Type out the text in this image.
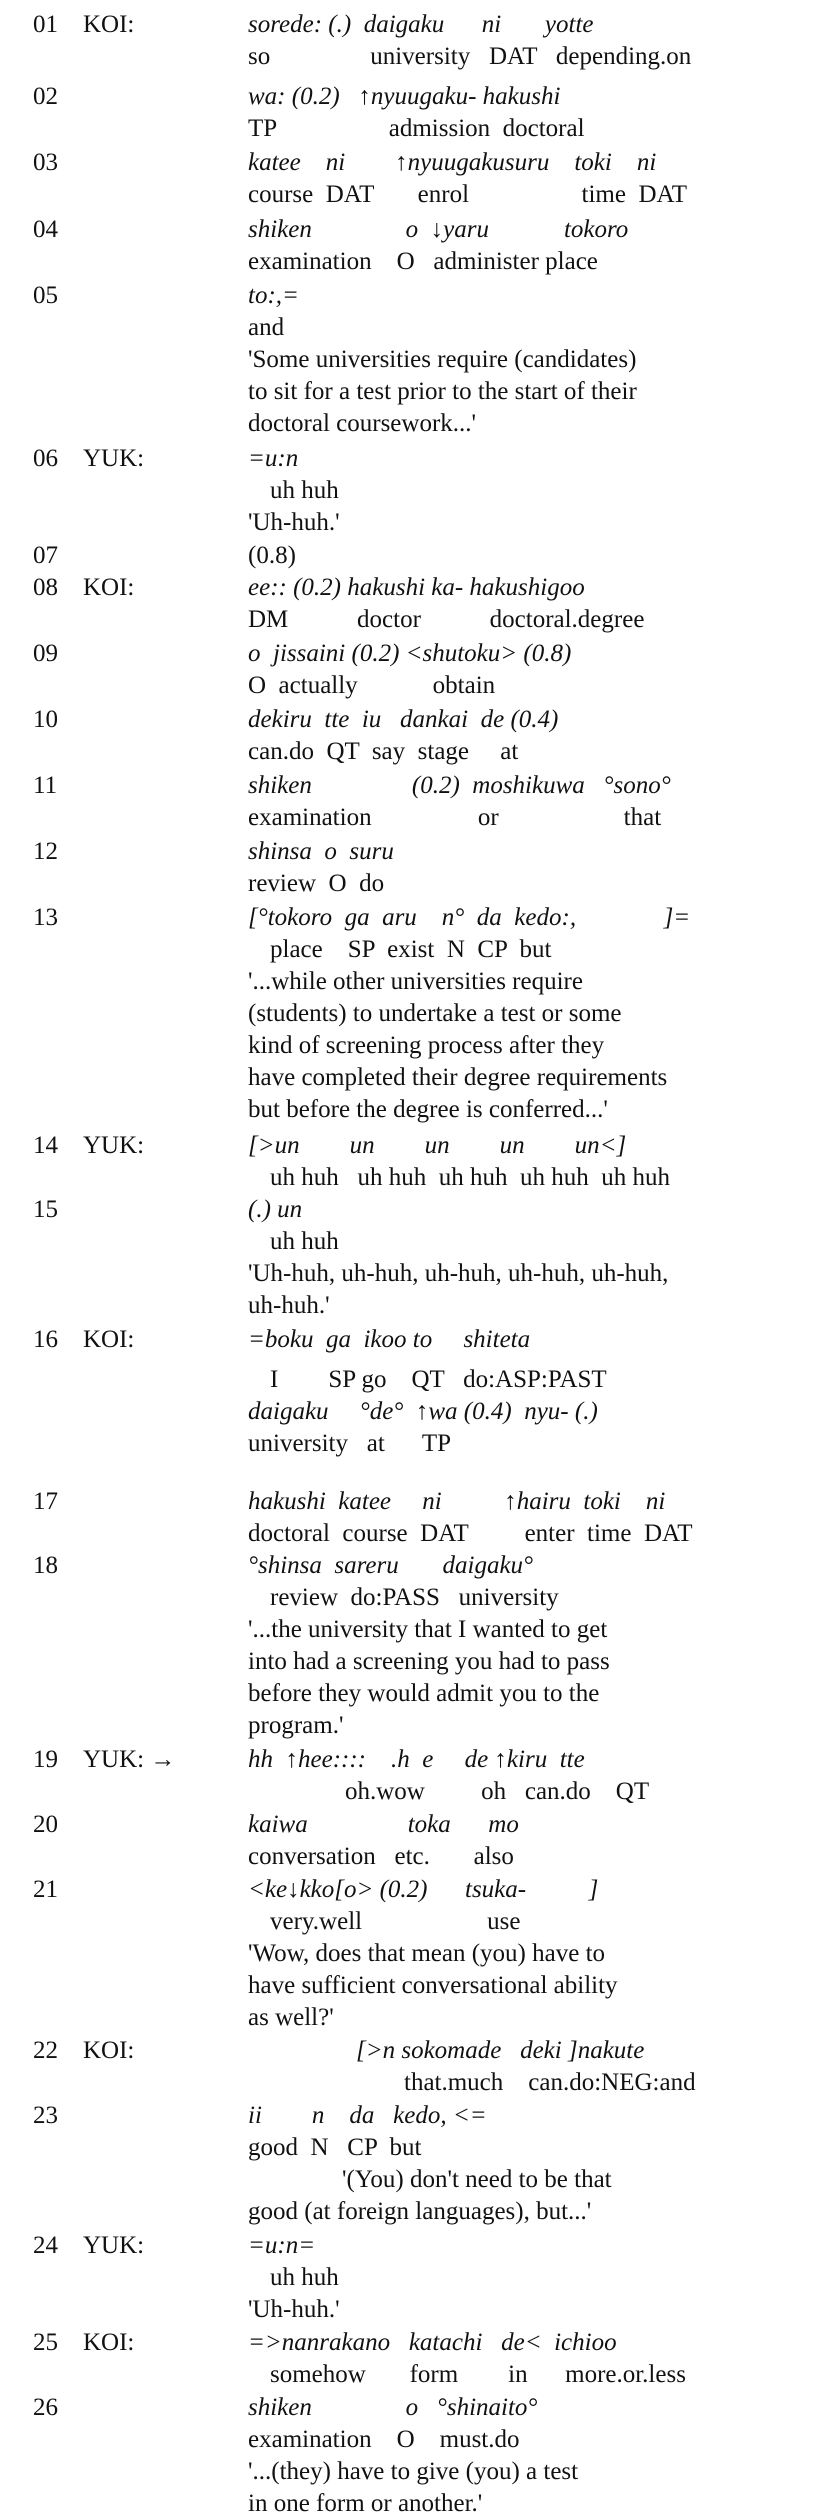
01 KOI:	sorede: (.)  daigaku      ni       yotte
so                university   DAT   depending.on
02	wa: (0.2)   ↑nyuugaku- hakushi
TP                  admission  doctoral
03	katee    ni        ↑nyuugakusuru    toki    ni
course  DAT       enrol                  time  DAT
04	shiken               o  ↓yaru            tokoro
examination    O   administer place
05	to:,=
and
'Some universities require (candidates)
to sit for a test prior to the start of their
doctoral coursework...'
06 YUK:	=u:n
uh huh
'Uh-huh.'
07	(0.8)
08 KOI:	ee:: (0.2) hakushi ka- hakushigoo
DM           doctor           doctoral.degree
09	o  jissaini (0.2) <shutoku> (0.8)
O  actually            obtain
10	dekiru  tte  iu   dankai  de (0.4)
can.do  QT  say  stage     at
11	shiken                (0.2)  moshikuwa   °sono°
examination                 or                    that
12	shinsa  o  suru
review  O  do
13	[°tokoro  ga  aru    n°  da  kedo:,              ]=
place    SP  exist  N  CP  but
'...while other universities require
(students) to undertake a test or some
kind of screening process after they
have completed their degree requirements
but before the degree is conferred...'
14 YUK:	[>un        un        un        un        un<]
uh huh   uh huh  uh huh  uh huh  uh huh
15	(.) un
uh huh
'Uh-huh, uh-huh, uh-huh, uh-huh, uh-huh,
uh-huh.'
16 KOI:	=boku  ga  ikoo to     shiteta
I        SP go    QT   do:ASP:PAST
daigaku     °de°  ↑wa (0.4)  nyu- (.)
university   at      TP
17	hakushi  katee     ni          ↑hairu  toki    ni
doctoral  course  DAT         enter  time  DAT
18	°shinsa  sareru       daigaku°
review  do:PASS   university
'...the university that I wanted to get
into had a screening you had to pass
before they would admit you to the
program.'
19 YUK: →	hh  ↑hee::::    .h  e     de ↑kiru  tte
oh.wow         oh   can.do    QT
20	kaiwa                toka      mo
conversation   etc.       also
21	<ke↓kko[o> (0.2)      tsuka-          ]
very.well                    use
'Wow, does that mean (you) have to
have sufficient conversational ability
as well?'
22 KOI:	[>n sokomade   deki ]nakute
that.much    can.do:NEG:and
23	ii        n    da   kedo, <=
good  N   CP  but
'(You) don't need to be that
good (at foreign languages), but...'
24 YUK:	=u:n=
uh huh
'Uh-huh.'
25 KOI:	=>nanrakano   katachi   de<  ichioo
somehow       form        in      more.or.less
26	shiken               o   °shinaito°
examination    O    must.do
'...(they) have to give (you) a test
in one form or another.'
